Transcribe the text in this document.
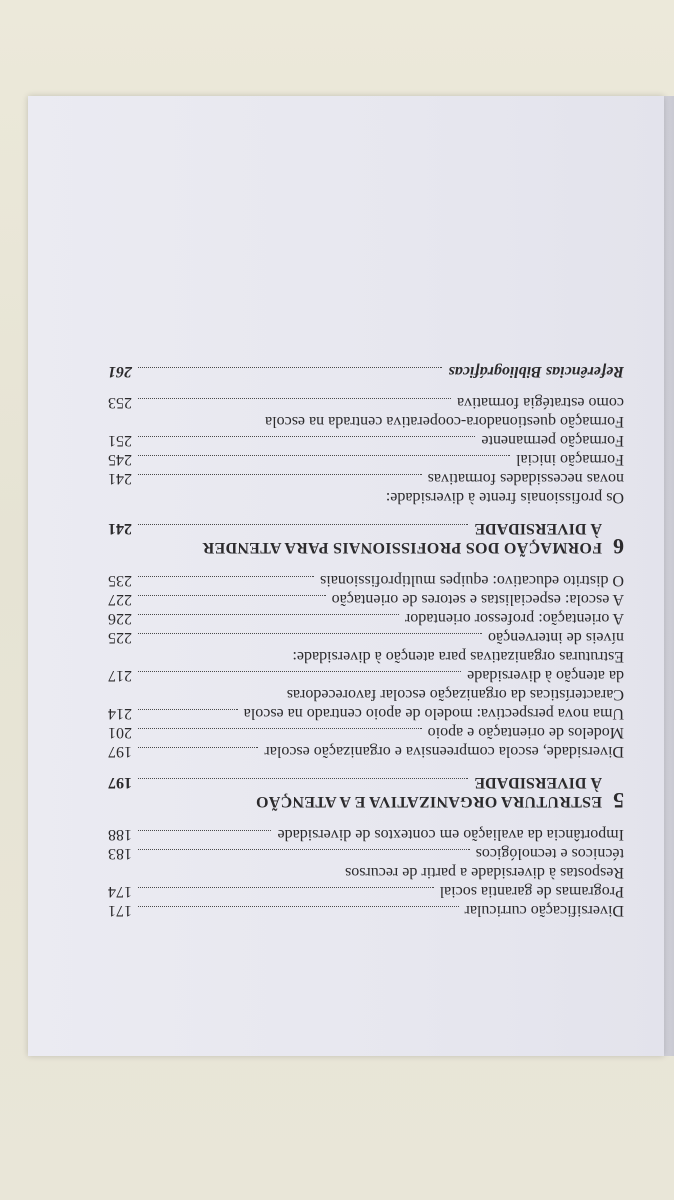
Diversificação curricular
171
Programas de garantia social
174
Respostas à diversidade a partir de recursos
técnicos e tecnológicos
183
Importância da avaliação em contextos de diversidade
188
5
ESTRUTURA ORGANIZATIVA E A ATENÇÃO
À DIVERSIDADE
197
Diversidade, escola compreensiva e organização escolar
197
Modelos de orientação e apoio
201
Uma nova perspectiva: modelo de apoio centrado na escola
214
Características da organização escolar favorecedoras
da atenção à diversidade
217
Estruturas organizativas para atenção à diversidade:
níveis de intervenção
225
A orientação: professor orientador
226
A escola: especialistas e setores de orientação
227
O distrito educativo: equipes multiprofissionais
235
6
FORMAÇÃO DOS PROFISSIONAIS PARA ATENDER
À DIVERSIDADE
241
Os profissionais frente à diversidade:
novas necessidades formativas
241
Formação inicial
245
Formação permanente
251
Formação questionadora-cooperativa centrada na escola
como estratégia formativa
253
Referências Bibliográficas
261
